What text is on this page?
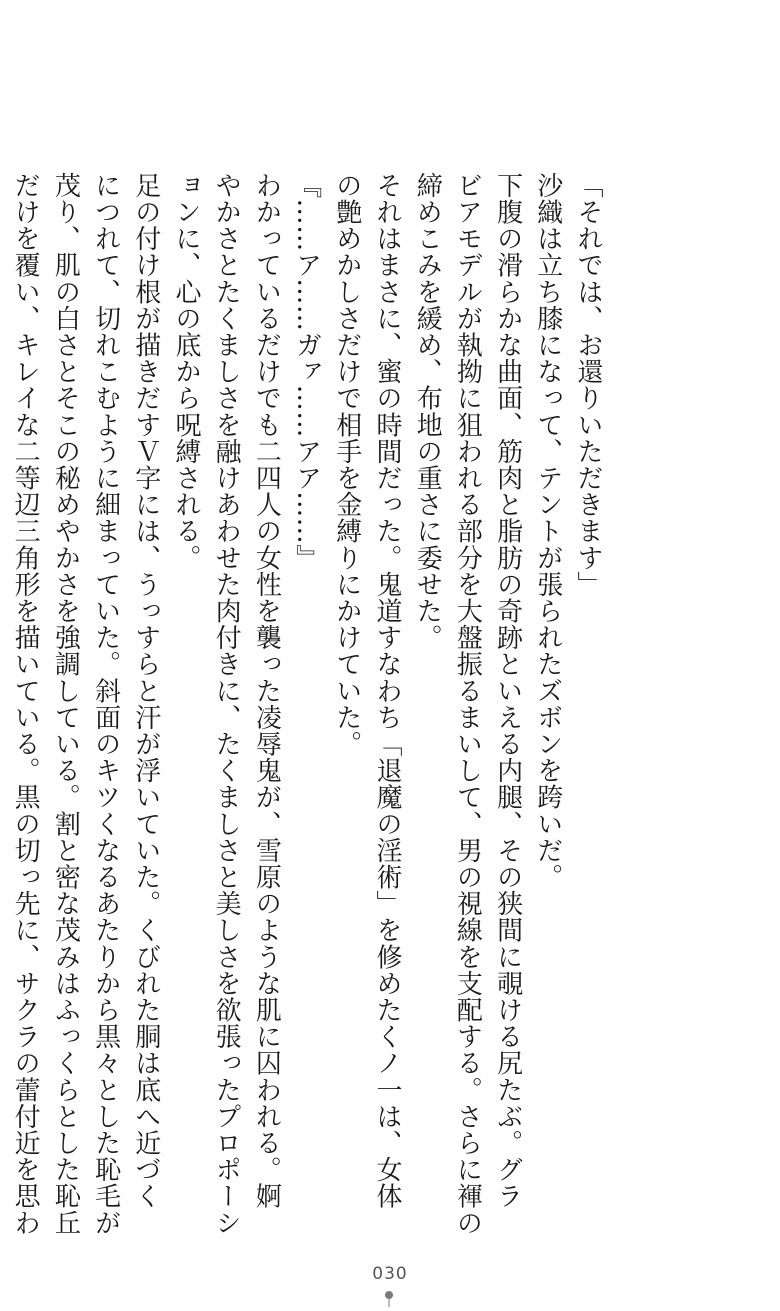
「それでは、お還りいただきます」
沙織は立ち膝になって、テントが張られたズボンを跨いだ。
下腹の滑らかな曲面、筋肉と脂肪の奇跡といえる内腿、その狭間に覗ける尻たぶ。グラ
ビアモデルが執拗に狙われる部分を大盤振るまいして、男の視線を支配する。さらに褌の
締めこみを緩め、布地の重さに委せた。
それはまさに、蜜の時間だった。鬼道すなわち「退魔の淫術」を修めたくノ一は、女体
の艶めかしさだけで相手を金縛りにかけていた。
『……ア……ガァ……アア……』
わかっているだけでも二四人の女性を襲った凌辱鬼が、雪原のような肌に囚われる。婀
やかさとたくましさを融けあわせた肉付きに、たくましさと美しさを欲張ったプロポーシ
ョンに、心の底から呪縛される。
足の付け根が描きだすＶ字には、うっすらと汗が浮いていた。くびれた胴は底へ近づく
につれて、切れこむように細まっていた。斜面のキツくなるあたりから黒々とした恥毛が
茂り、肌の白さとそこの秘めやかさを強調している。割と密な茂みはふっくらとした恥丘
だけを覆い、キレイな二等辺三角形を描いている。黒の切っ先に、サクラの蕾付近を思わ
030
